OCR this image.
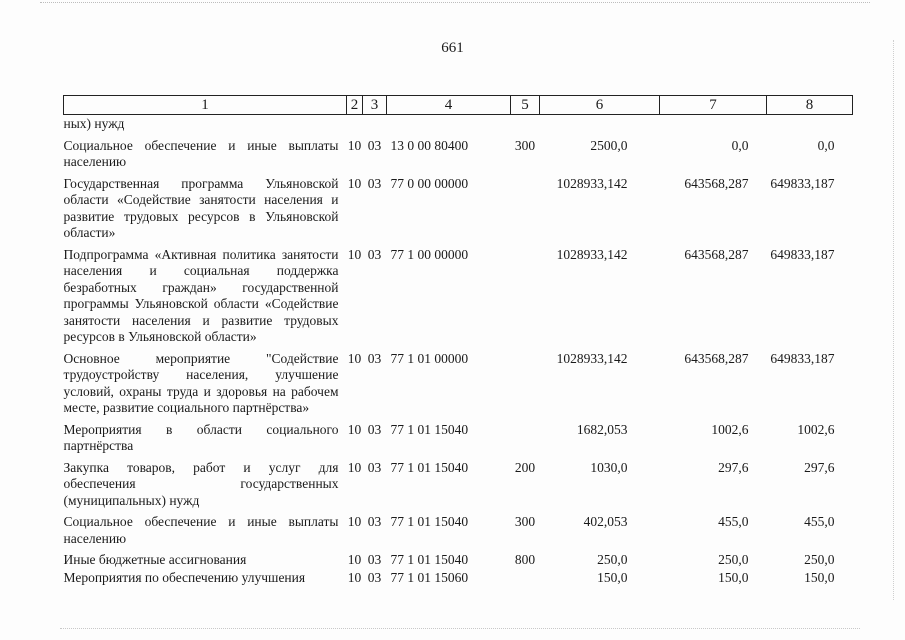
661
1	2	3	4	5	6	7	8
ных) нужд							
Социальное обеспечение и иные выплаты населению	10	03	13 0 00 80400	300	2500,0	0,0	0,0
Государственная программа Ульяновской области «Содействие занятости населения и развитие трудовых ресурсов в Ульяновской области»	10	03	77 0 00 00000		1028933,142	643568,287	649833,187
Подпрограмма «Активная политика занятости населения и социальная поддержка безработных граждан» государственной программы Ульяновской области «Содействие занятости населения и развитие трудовых ресурсов в Ульяновской области»	10	03	77 1 00 00000		1028933,142	643568,287	649833,187
Основное мероприятие "Содействие трудоустройству населения, улучшение условий, охраны труда и здоровья на рабочем месте, развитие социального партнёрства»	10	03	77 1 01 00000		1028933,142	643568,287	649833,187
Мероприятия в области социального партнёрства	10	03	77 1 01 15040		1682,053	1002,6	1002,6
Закупка товаров, работ и услуг для обеспечения государственных (муниципальных) нужд	10	03	77 1 01 15040	200	1030,0	297,6	297,6
Социальное обеспечение и иные выплаты населению	10	03	77 1 01 15040	300	402,053	455,0	455,0
Иные бюджетные ассигнования	10	03	77 1 01 15040	800	250,0	250,0	250,0
Мероприятия по обеспечению улучшения	10	03	77 1 01 15060		150,0	150,0	150,0
